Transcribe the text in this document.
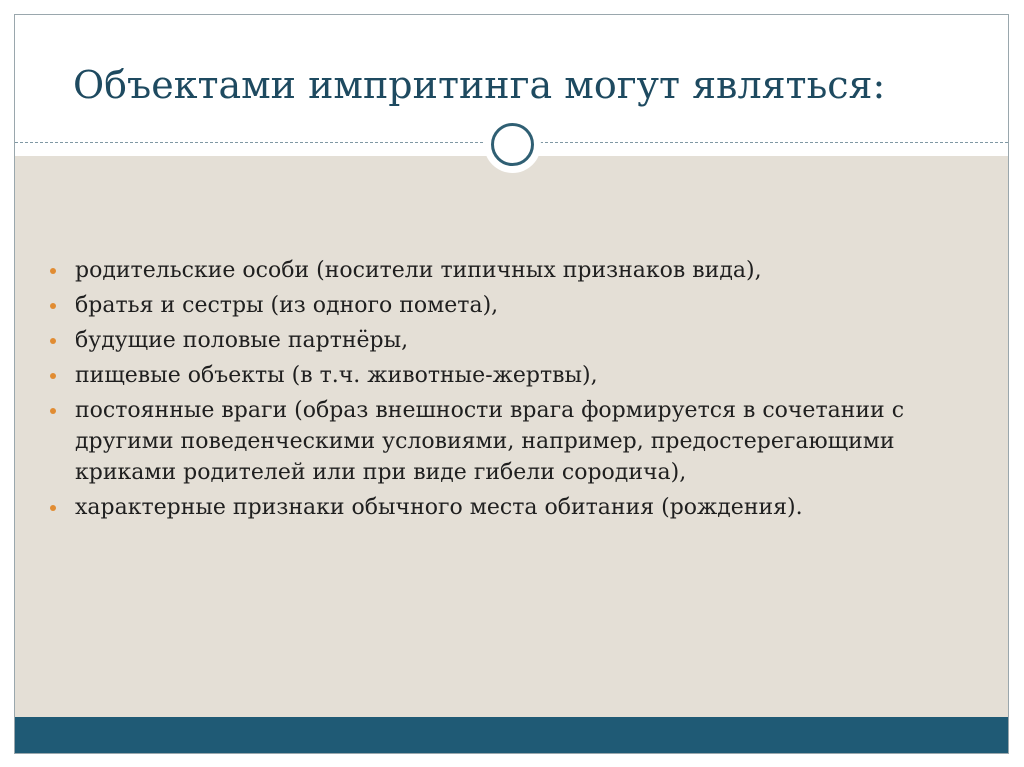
Объектами импритинга могут являться:
родительские особи (носители типичных признаков вида),
братья и сестры (из одного помета),
будущие половые партнёры,
пищевые объекты (в т.ч. животные-жертвы),
постоянные враги (образ внешности врага формируется в сочетании с другими поведенческими условиями, например, предостерегающими криками родителей или при виде гибели сородича),
характерные признаки обычного места обитания (рождения).
